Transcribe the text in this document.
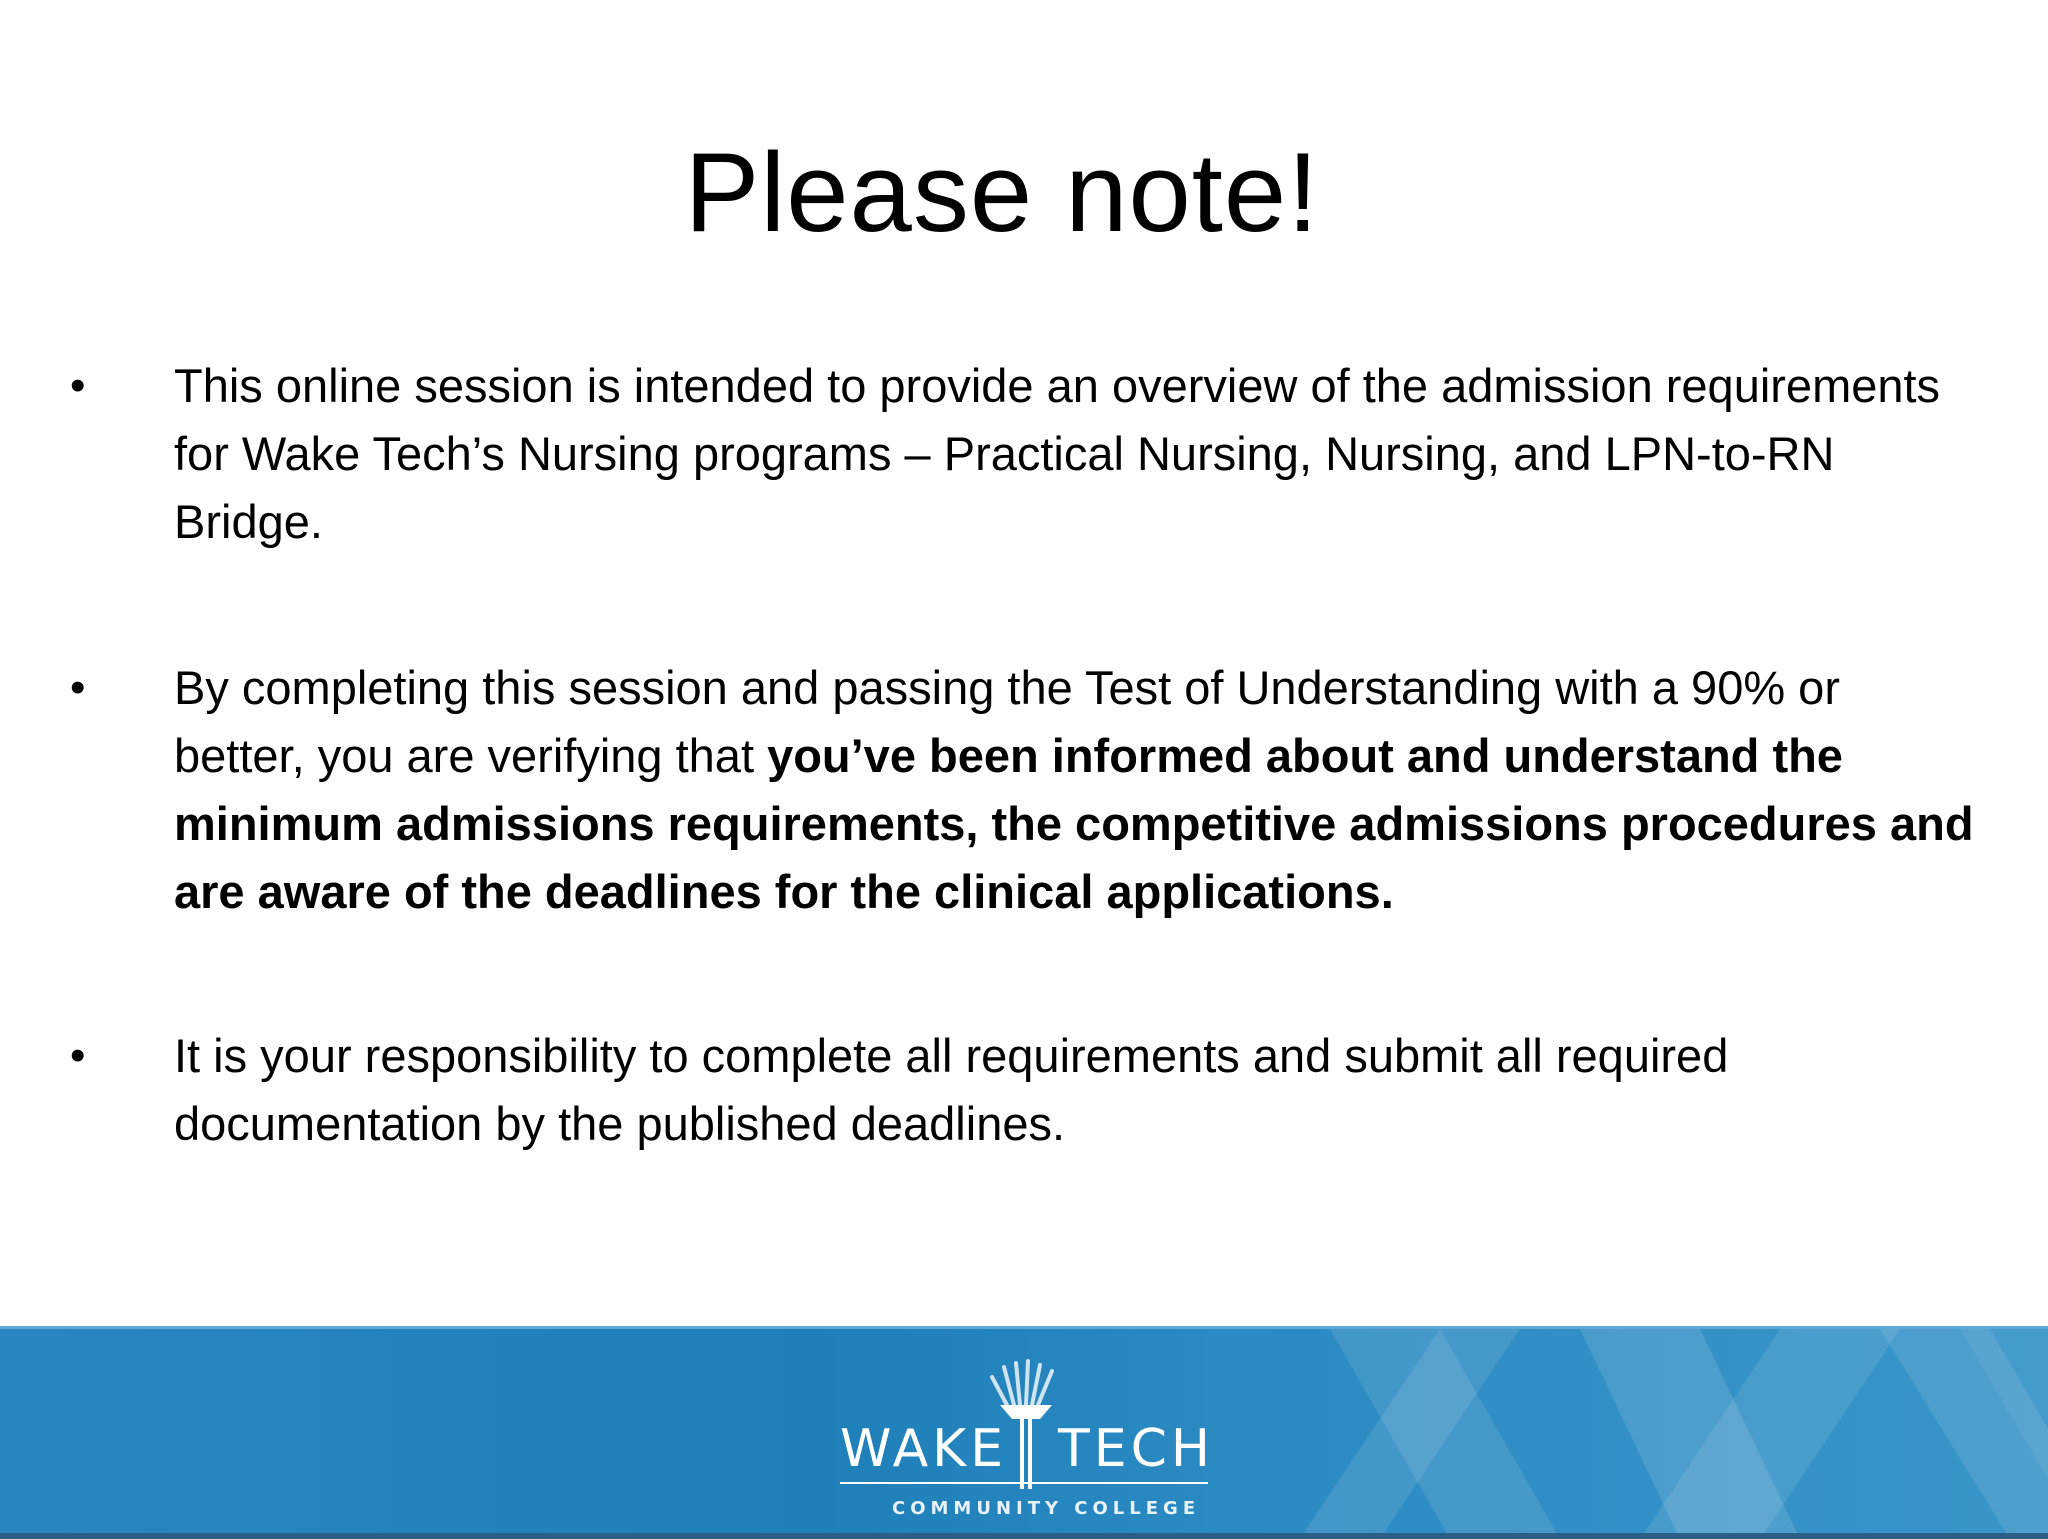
Please note!
• This online session is intended to provide an overview of the admission requirements for Wake Tech’s Nursing programs – Practical Nursing, Nursing, and LPN-to-RN Bridge.
• By completing this session and passing the Test of Understanding with a 90% or better, you are verifying that you’ve been informed about and understand the minimum admissions requirements, the competitive admissions procedures and are aware of the deadlines for the clinical applications.
• It is your responsibility to complete all requirements and submit all required documentation by the published deadlines.
WAKE TECH
COMMUNITY COLLEGE
